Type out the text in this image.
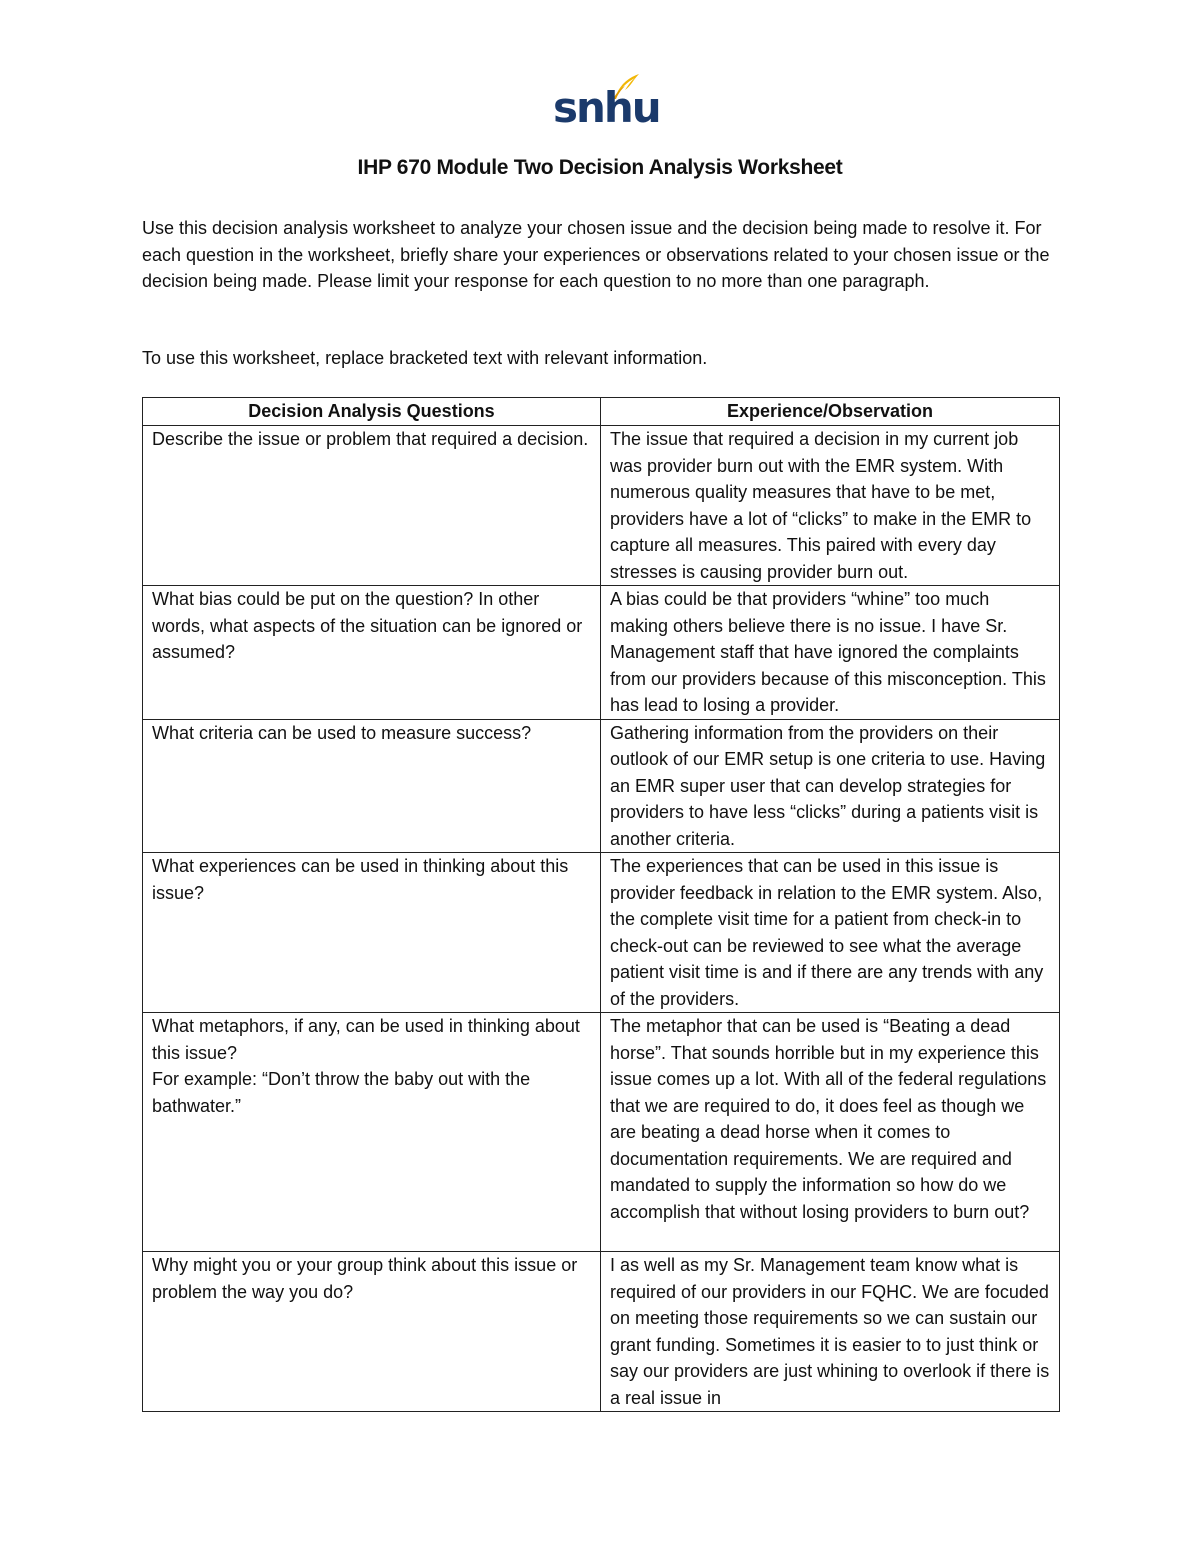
snhu
IHP 670 Module Two Decision Analysis Worksheet

Use this decision analysis worksheet to analyze your chosen issue and the decision being made to resolve it. For each question in the worksheet, briefly share your experiences or observations related to your chosen issue or the decision being made. Please limit your response for each question to no more than one paragraph.

To use this worksheet, replace bracketed text with relevant information.

Decision Analysis Questions	Experience/Observation
Describe the issue or problem that required a decision.	The issue that required a decision in my current job was provider burn out with the EMR system. With numerous quality measures that have to be met, providers have a lot of “clicks” to make in the EMR to capture all measures. This paired with every day stresses is causing provider burn out.
What bias could be put on the question? In other words, what aspects of the situation can be ignored or assumed?	A bias could be that providers “whine” too much making others believe there is no issue. I have Sr. Management staff that have ignored the complaints from our providers because of this misconception. This has lead to losing a provider.
What criteria can be used to measure success?	Gathering information from the providers on their outlook of our EMR setup is one criteria to use. Having an EMR super user that can develop strategies for providers to have less “clicks” during a patients visit is another criteria.
What experiences can be used in thinking about this issue?	The experiences that can be used in this issue is provider feedback in relation to the EMR system. Also, the complete visit time for a patient from check-in to check-out can be reviewed to see what the average patient visit time is and if there are any trends with any of the providers.

What metaphors, if any, can be used in thinking about this issue?
For example: “Don’t throw the baby out with the bathwater.”	The metaphor that can be used is “Beating a dead horse”. That sounds horrible but in my experience this issue comes up a lot. With all of the federal regulations that we are required to do, it does feel as though we are beating a dead horse when it comes to documentation requirements. We are required and mandated to supply the information so how do we accomplish that without losing providers to burn out?
Why might you or your group think about this issue or problem the way you do?	I as well as my Sr. Management team know what is required of our providers in our FQHC. We are focuded on meeting those requirements so we can sustain our grant funding. Sometimes it is easier to to just think or say our providers are just whining to overlook if there is a real issue in
